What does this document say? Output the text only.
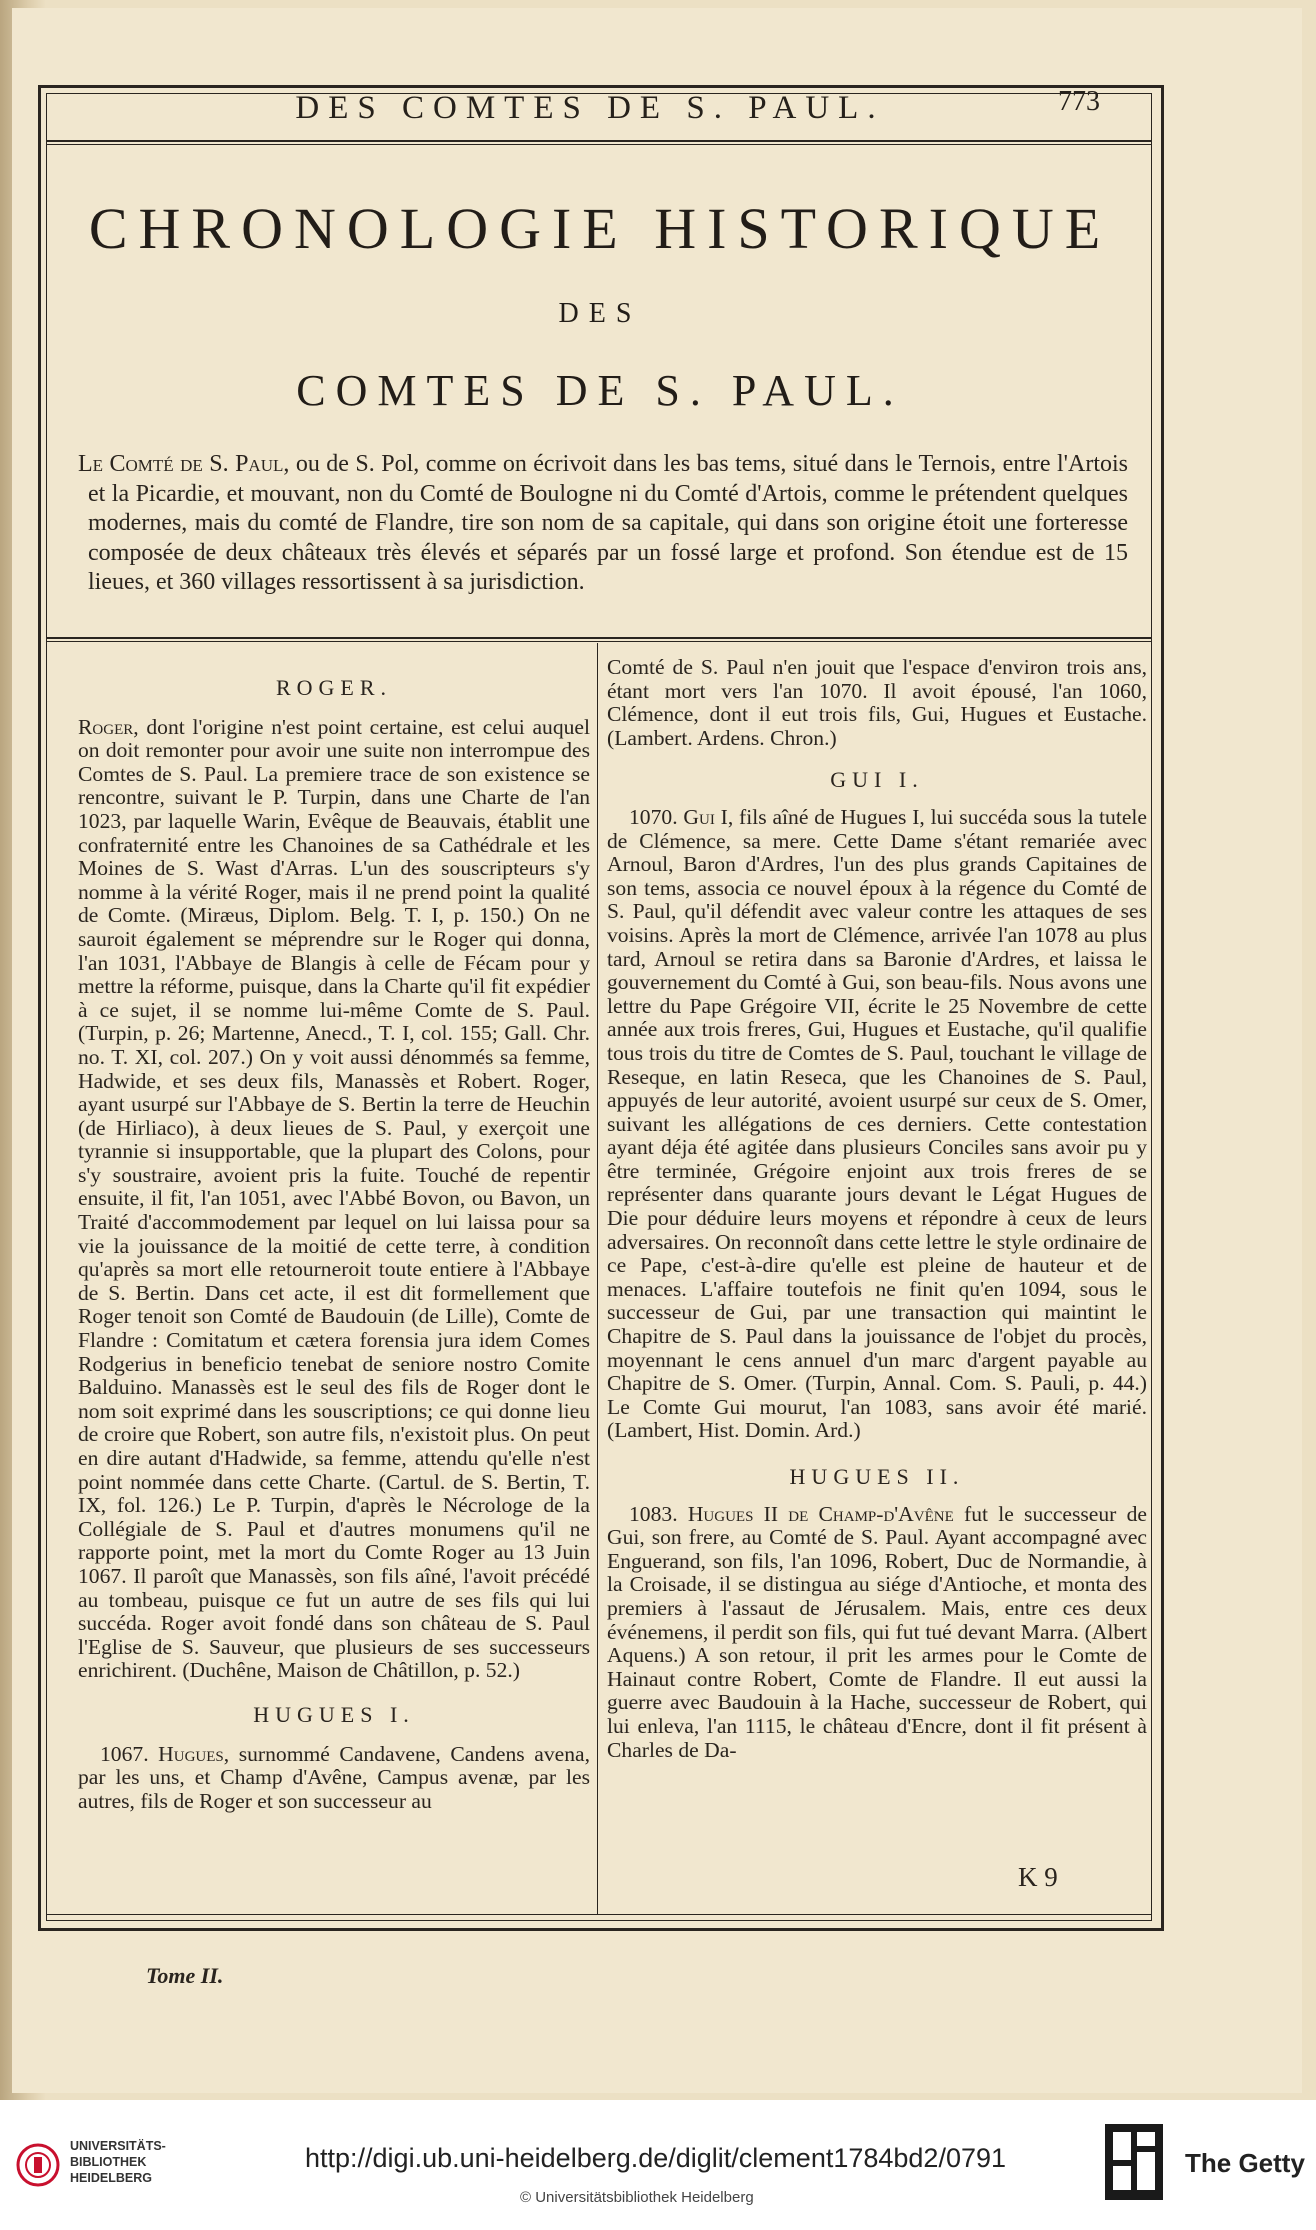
DES COMTES DE S. PAUL.	773
CHRONOLOGIE HISTORIQUE
DES
COMTES DE S. PAUL.

Le Comté de S. Paul, ou de S. Pol, comme on écrivoit dans les bas tems, situé dans le Ternois, entre l'Artois et la Picardie, et mouvant, non du Comté de Boulogne ni du Comté d'Artois, comme le prétendent quelques modernes, mais du comté de Flandre, tire son nom de sa capitale, qui dans son origine étoit une forteresse composée de deux châteaux très élevés et séparés par un fossé large et profond. Son étendue est de 15 lieues, et 360 villages ressortissent à sa jurisdiction.

ROGER.

Roger, dont l'origine n'est point certaine, est celui auquel on doit remonter pour avoir une suite non interrompue des Comtes de S. Paul. La premiere trace de son existence se rencontre, suivant le P. Turpin, dans une Charte de l'an 1023, par laquelle Warin, Evêque de Beauvais, établit une confraternité entre les Chanoines de sa Cathédrale et les Moines de S. Wast d'Arras. L'un des souscripteurs s'y nomme à la vérité Roger, mais il ne prend point la qualité de Comte. (Miræus, Diplom. Belg. T. I, p. 150.) On ne sauroit également se méprendre sur le Roger qui donna, l'an 1031, l'Abbaye de Blangis à celle de Fécam pour y mettre la réforme, puisque, dans la Charte qu'il fit expédier à ce sujet, il se nomme lui-même Comte de S. Paul. (Turpin, p. 26; Martenne, Anecd., T. I, col. 155; Gall. Chr. no. T. XI, col. 207.) On y voit aussi dénommés sa femme, Hadwide, et ses deux fils, Manassès et Robert. Roger, ayant usurpé sur l'Abbaye de S. Bertin la terre de Heuchin (de Hirliaco), à deux lieues de S. Paul, y exerçoit une tyrannie si insupportable, que la plupart des Colons, pour s'y soustraire, avoient pris la fuite. Touché de repentir ensuite, il fit, l'an 1051, avec l'Abbé Bovon, ou Bavon, un Traité d'accommodement par lequel on lui laissa pour sa vie la jouissance de la moitié de cette terre, à condition qu'après sa mort elle retourneroit toute entiere à l'Abbaye de S. Bertin. Dans cet acte, il est dit formellement que Roger tenoit son Comté de Baudouin (de Lille), Comte de Flandre : Comitatum et cætera forensia jura idem Comes Rodgerius in beneficio tenebat de seniore nostro Comite Balduino. Manassès est le seul des fils de Roger dont le nom soit exprimé dans les souscriptions; ce qui donne lieu de croire que Robert, son autre fils, n'existoit plus. On peut en dire autant d'Hadwide, sa femme, attendu qu'elle n'est point nommée dans cette Charte. (Cartul. de S. Bertin, T. IX, fol. 126.) Le P. Turpin, d'après le Nécrologe de la Collégiale de S. Paul et d'autres monumens qu'il ne rapporte point, met la mort du Comte Roger au 13 Juin 1067. Il paroît que Manassès, son fils aîné, l'avoit précédé au tombeau, puisque ce fut un autre de ses fils qui lui succéda. Roger avoit fondé dans son château de S. Paul l'Eglise de S. Sauveur, que plusieurs de ses successeurs enrichirent. (Duchêne, Maison de Châtillon, p. 52.)

HUGUES I.

1067. Hugues, surnommé Candavene, Candens avena, par les uns, et Champ d'Avêne, Campus avenæ, par les autres, fils de Roger et son successeur au

Comté de S. Paul n'en jouit que l'espace d'environ trois ans, étant mort vers l'an 1070. Il avoit épousé, l'an 1060, Clémence, dont il eut trois fils, Gui, Hugues et Eustache. (Lambert. Ardens. Chron.)

GUI I.

1070. Gui I, fils aîné de Hugues I, lui succéda sous la tutele de Clémence, sa mere. Cette Dame s'étant remariée avec Arnoul, Baron d'Ardres, l'un des plus grands Capitaines de son tems, associa ce nouvel époux à la régence du Comté de S. Paul, qu'il défendit avec valeur contre les attaques de ses voisins. Après la mort de Clémence, arrivée l'an 1078 au plus tard, Arnoul se retira dans sa Baronie d'Ardres, et laissa le gouvernement du Comté à Gui, son beau-fils. Nous avons une lettre du Pape Grégoire VII, écrite le 25 Novembre de cette année aux trois freres, Gui, Hugues et Eustache, qu'il qualifie tous trois du titre de Comtes de S. Paul, touchant le village de Reseque, en latin Reseca, que les Chanoines de S. Paul, appuyés de leur autorité, avoient usurpé sur ceux de S. Omer, suivant les allégations de ces derniers. Cette contestation ayant déja été agitée dans plusieurs Conciles sans avoir pu y être terminée, Grégoire enjoint aux trois freres de se représenter dans quarante jours devant le Légat Hugues de Die pour déduire leurs moyens et répondre à ceux de leurs adversaires. On reconnoît dans cette lettre le style ordinaire de ce Pape, c'est-à-dire qu'elle est pleine de hauteur et de menaces. L'affaire toutefois ne finit qu'en 1094, sous le successeur de Gui, par une transaction qui maintint le Chapitre de S. Paul dans la jouissance de l'objet du procès, moyennant le cens annuel d'un marc d'argent payable au Chapitre de S. Omer. (Turpin, Annal. Com. S. Pauli, p. 44.) Le Comte Gui mourut, l'an 1083, sans avoir été marié. (Lambert, Hist. Domin. Ard.)

HUGUES II.

1083. Hugues II de Champ-d'Avêne fut le successeur de Gui, son frere, au Comté de S. Paul. Ayant accompagné avec Enguerand, son fils, l'an 1096, Robert, Duc de Normandie, à la Croisade, il se distingua au siége d'Antioche, et monta des premiers à l'assaut de Jérusalem. Mais, entre ces deux événemens, il perdit son fils, qui fut tué devant Marra. (Albert Aquens.) A son retour, il prit les armes pour le Comte de Hainaut contre Robert, Comte de Flandre. Il eut aussi la guerre avec Baudouin à la Hache, successeur de Robert, qui lui enleva, l'an 1115, le château d'Encre, dont il fit présent à Charles de Da-

K 9
Tome II.
UNIVERSITÄTS-
BIBLIOTHEK
HEIDELBERG
http://digi.ub.uni-heidelberg.de/diglit/clement1784bd2/0791
© Universitätsbibliothek Heidelberg
The Getty
